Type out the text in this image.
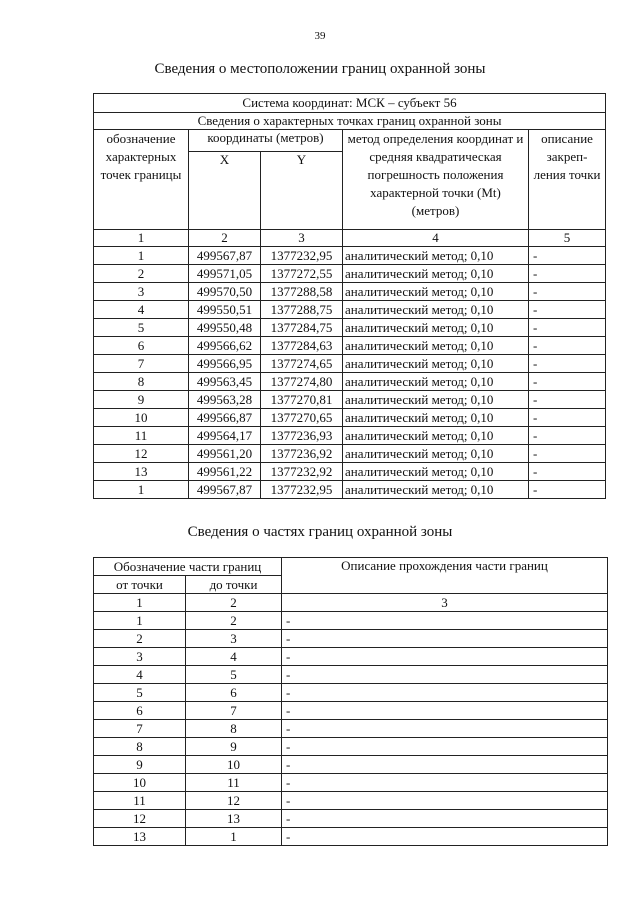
39
Сведения о местоположении границ охранной зоны
Система координат: МСК – субъект 56				
Сведения о характерных точках границ охранной зоны				
обозначение характерных точек границы	координаты (метров)		метод определения координат и средняя квадратическая погрешность положения характерной точки (Mt) (метров)	описание закреп-ления точки
	X	Y		
1	2	3	4	5
1	499567,87	1377232,95	аналитический метод; 0,10	-
2	499571,05	1377272,55	аналитический метод; 0,10	-
3	499570,50	1377288,58	аналитический метод; 0,10	-
4	499550,51	1377288,75	аналитический метод; 0,10	-
5	499550,48	1377284,75	аналитический метод; 0,10	-
6	499566,62	1377284,63	аналитический метод; 0,10	-
7	499566,95	1377274,65	аналитический метод; 0,10	-
8	499563,45	1377274,80	аналитический метод; 0,10	-
9	499563,28	1377270,81	аналитический метод; 0,10	-
10	499566,87	1377270,65	аналитический метод; 0,10	-
11	499564,17	1377236,93	аналитический метод; 0,10	-
12	499561,20	1377236,92	аналитический метод; 0,10	-
13	499561,22	1377232,92	аналитический метод; 0,10	-
1	499567,87	1377232,95	аналитический метод; 0,10	-
Сведения о частях границ охранной зоны
Обозначение части границ		Описание прохождения части границ
от точки	до точки	
1	2	3
1	2	-
2	3	-
3	4	-
4	5	-
5	6	-
6	7	-
7	8	-
8	9	-
9	10	-
10	11	-
11	12	-
12	13	-
13	1	-
